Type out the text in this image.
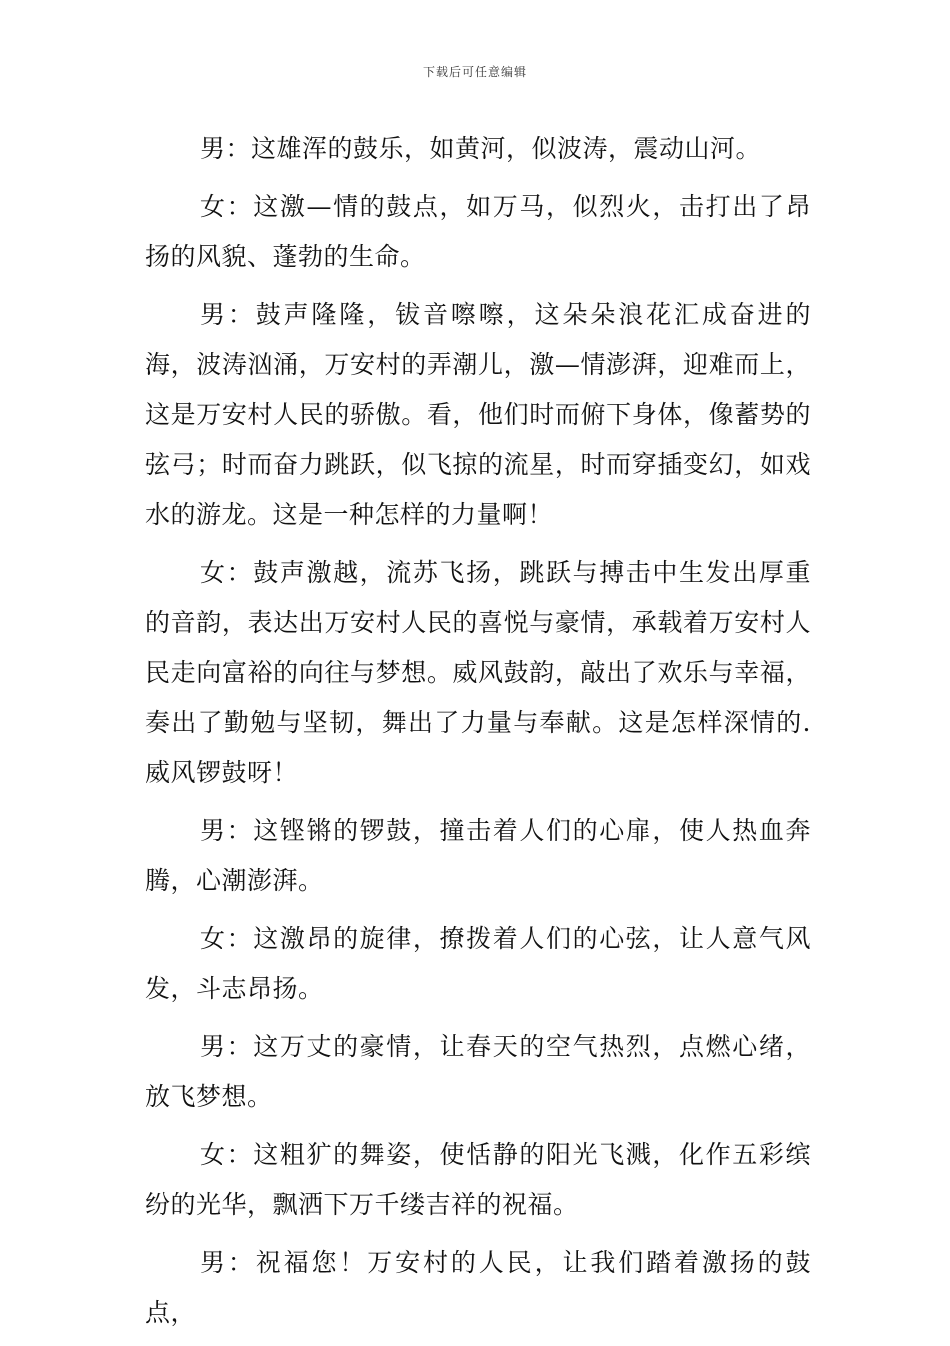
下载后可任意编辑

男：这雄浑的鼓乐，如黄河，似波涛，震动山河。

女：这激—情的鼓点，如万马，似烈火，击打出了昂扬的风貌、蓬勃的生命。

男：鼓声隆隆，钹音嚓嚓，这朵朵浪花汇成奋进的海，波涛汹涌，万安村的弄潮儿，激—情澎湃，迎难而上，这是万安村人民的骄傲。看，他们时而俯下身体，像蓄势的弦弓；时而奋力跳跃，似飞掠的流星，时而穿插变幻，如戏水的游龙。这是一种怎样的力量啊！

女：鼓声激越，流苏飞扬，跳跃与搏击中生发出厚重的音韵，表达出万安村人民的喜悦与豪情，承载着万安村人民走向富裕的向往与梦想。威风鼓韵，敲出了欢乐与幸福，奏出了勤勉与坚韧，舞出了力量与奉献。这是怎样深情的.威风锣鼓呀！

男：这铿锵的锣鼓，撞击着人们的心扉，使人热血奔腾，心潮澎湃。

女：这激昂的旋律，撩拨着人们的心弦，让人意气风发，斗志昂扬。

男：这万丈的豪情，让春天的空气热烈，点燃心绪，放飞梦想。

女：这粗犷的舞姿，使恬静的阳光飞溅，化作五彩缤纷的光华，飘洒下万千缕吉祥的祝福。

男：祝福您！万安村的人民，让我们踏着激扬的鼓点，
